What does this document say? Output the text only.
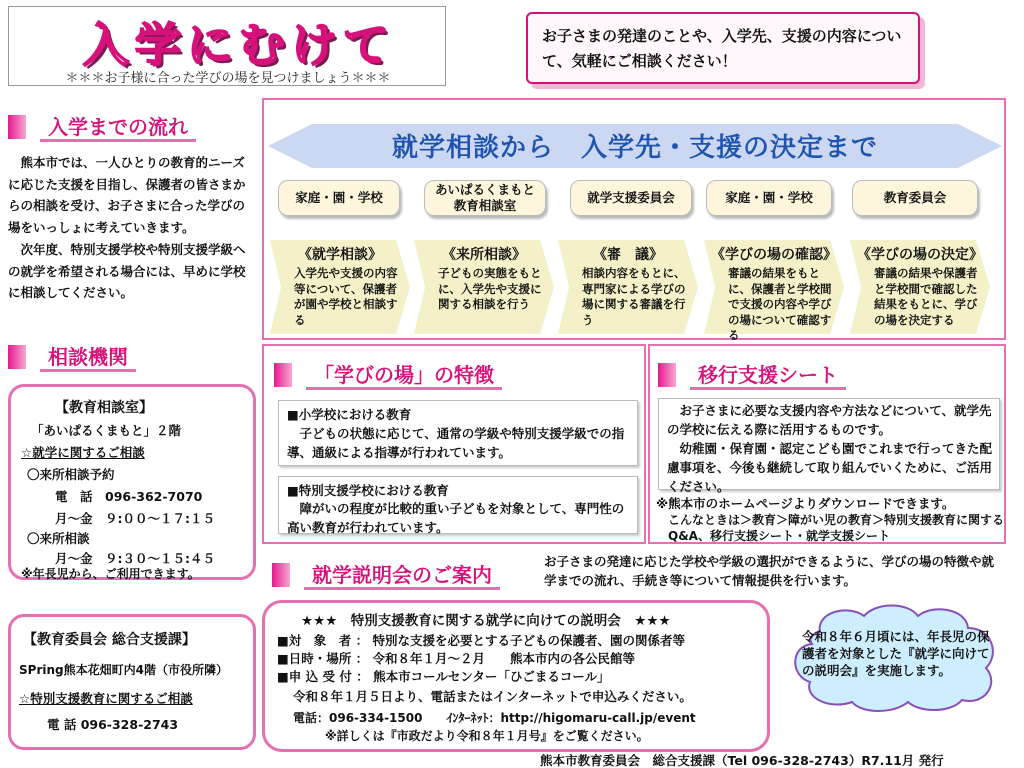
入学にむけて
＊＊＊お子様に合った学びの場を見つけましょう＊＊＊

お子さまの発達のことや、入学先、支援の内容について、気軽にご相談ください！

入学までの流れ

熊本市では、一人ひとりの教育的ニーズに応じた支援を目指し、保護者の皆さまからの相談を受け、お子さまに合った学びの場をいっしょに考えていきます。

次年度、特別支援学校や特別支援学級への就学を希望される場合には、早めに学校に相談してください。

相談機関
【教育相談室】
「あいぱるくまもと」２階
☆就学に関するご相談
〇来所相談予約
電　話　096-362-7070
月～金　９:００～１７:１５
〇来所相談
月～金　９:３０～１５:４５
※年長児から、ご利用できます。
【教育委員会 総合支援課】
SPring熊本花畑町内4階（市役所隣）
☆特別支援教育に関するご相談
電 話 096-328-2743
就学相談から　入学先・支援の決定まで
家庭・園・学校
あいぱるくまもと
教育相談室
就学支援委員会	家庭・園・学校	教育委員会
《就学相談》
入学先や支援の内容等について、保護者が園や学校と相談する
《来所相談》
子どもの実態をもとに、入学先や支援に関する相談を行う
《審　議》
相談内容をもとに、専門家による学びの場に関する審議を行う
《学びの場の確認》
審議の結果をもとに、保護者と学校間で支援の内容や学びの場について確認する
《学びの場の決定》
審議の結果や保護者と学校間で確認した結果をもとに、学びの場を決定する
「学びの場」の特徴
■小学校における教育
子どもの状態に応じて、通常の学級や特別支援学級での指導、通級による指導が行われています。
■特別支援学校における教育
障がいの程度が比較的重い子どもを対象として、専門性の高い教育が行われています。
移行支援シート
お子さまに必要な支援内容や方法などについて、就学先の学校に伝える際に活用するものです。
幼稚園・保育園・認定こども園でこれまで行ってきた配慮事項を、今後も継続して取り組んでいくために、ご活用ください。
※熊本市のホームページよりダウンロードできます。
こんなときは＞教育＞障がい児の教育＞特別支援教育に関するQ&A、移行支援シート・就学支援シート
就学説明会のご案内
お子さまの発達に応じた学校や学級の選択ができるように、学びの場の特徴や就学までの流れ、手続き等について情報提供を行います。
★★★　特別支援教育に関する就学に向けての説明会　★★★
■対　象　者 ： 特別な支援を必要とする子どもの保護者、園の関係者等
■日時・場所 ： 令和８年１月～２月　　熊本市内の各公民館等
■申 込 受 付 ： 熊本市コールセンター「ひごまるコール」
令和８年１月５日より、電話またはインターネットで申込みください。
電話：096-334-1500　　ｲﾝﾀｰﾈｯﾄ：http://higomaru-call.jp/event
※詳しくは『市政だより令和８年１月号』をご覧ください。
令和８年６月頃には、年長児の保護者を対象とした『就学に向けての説明会』を実施します。
熊本市教育委員会　総合支援課（Tel 096-328-2743）R7.11月 発行
